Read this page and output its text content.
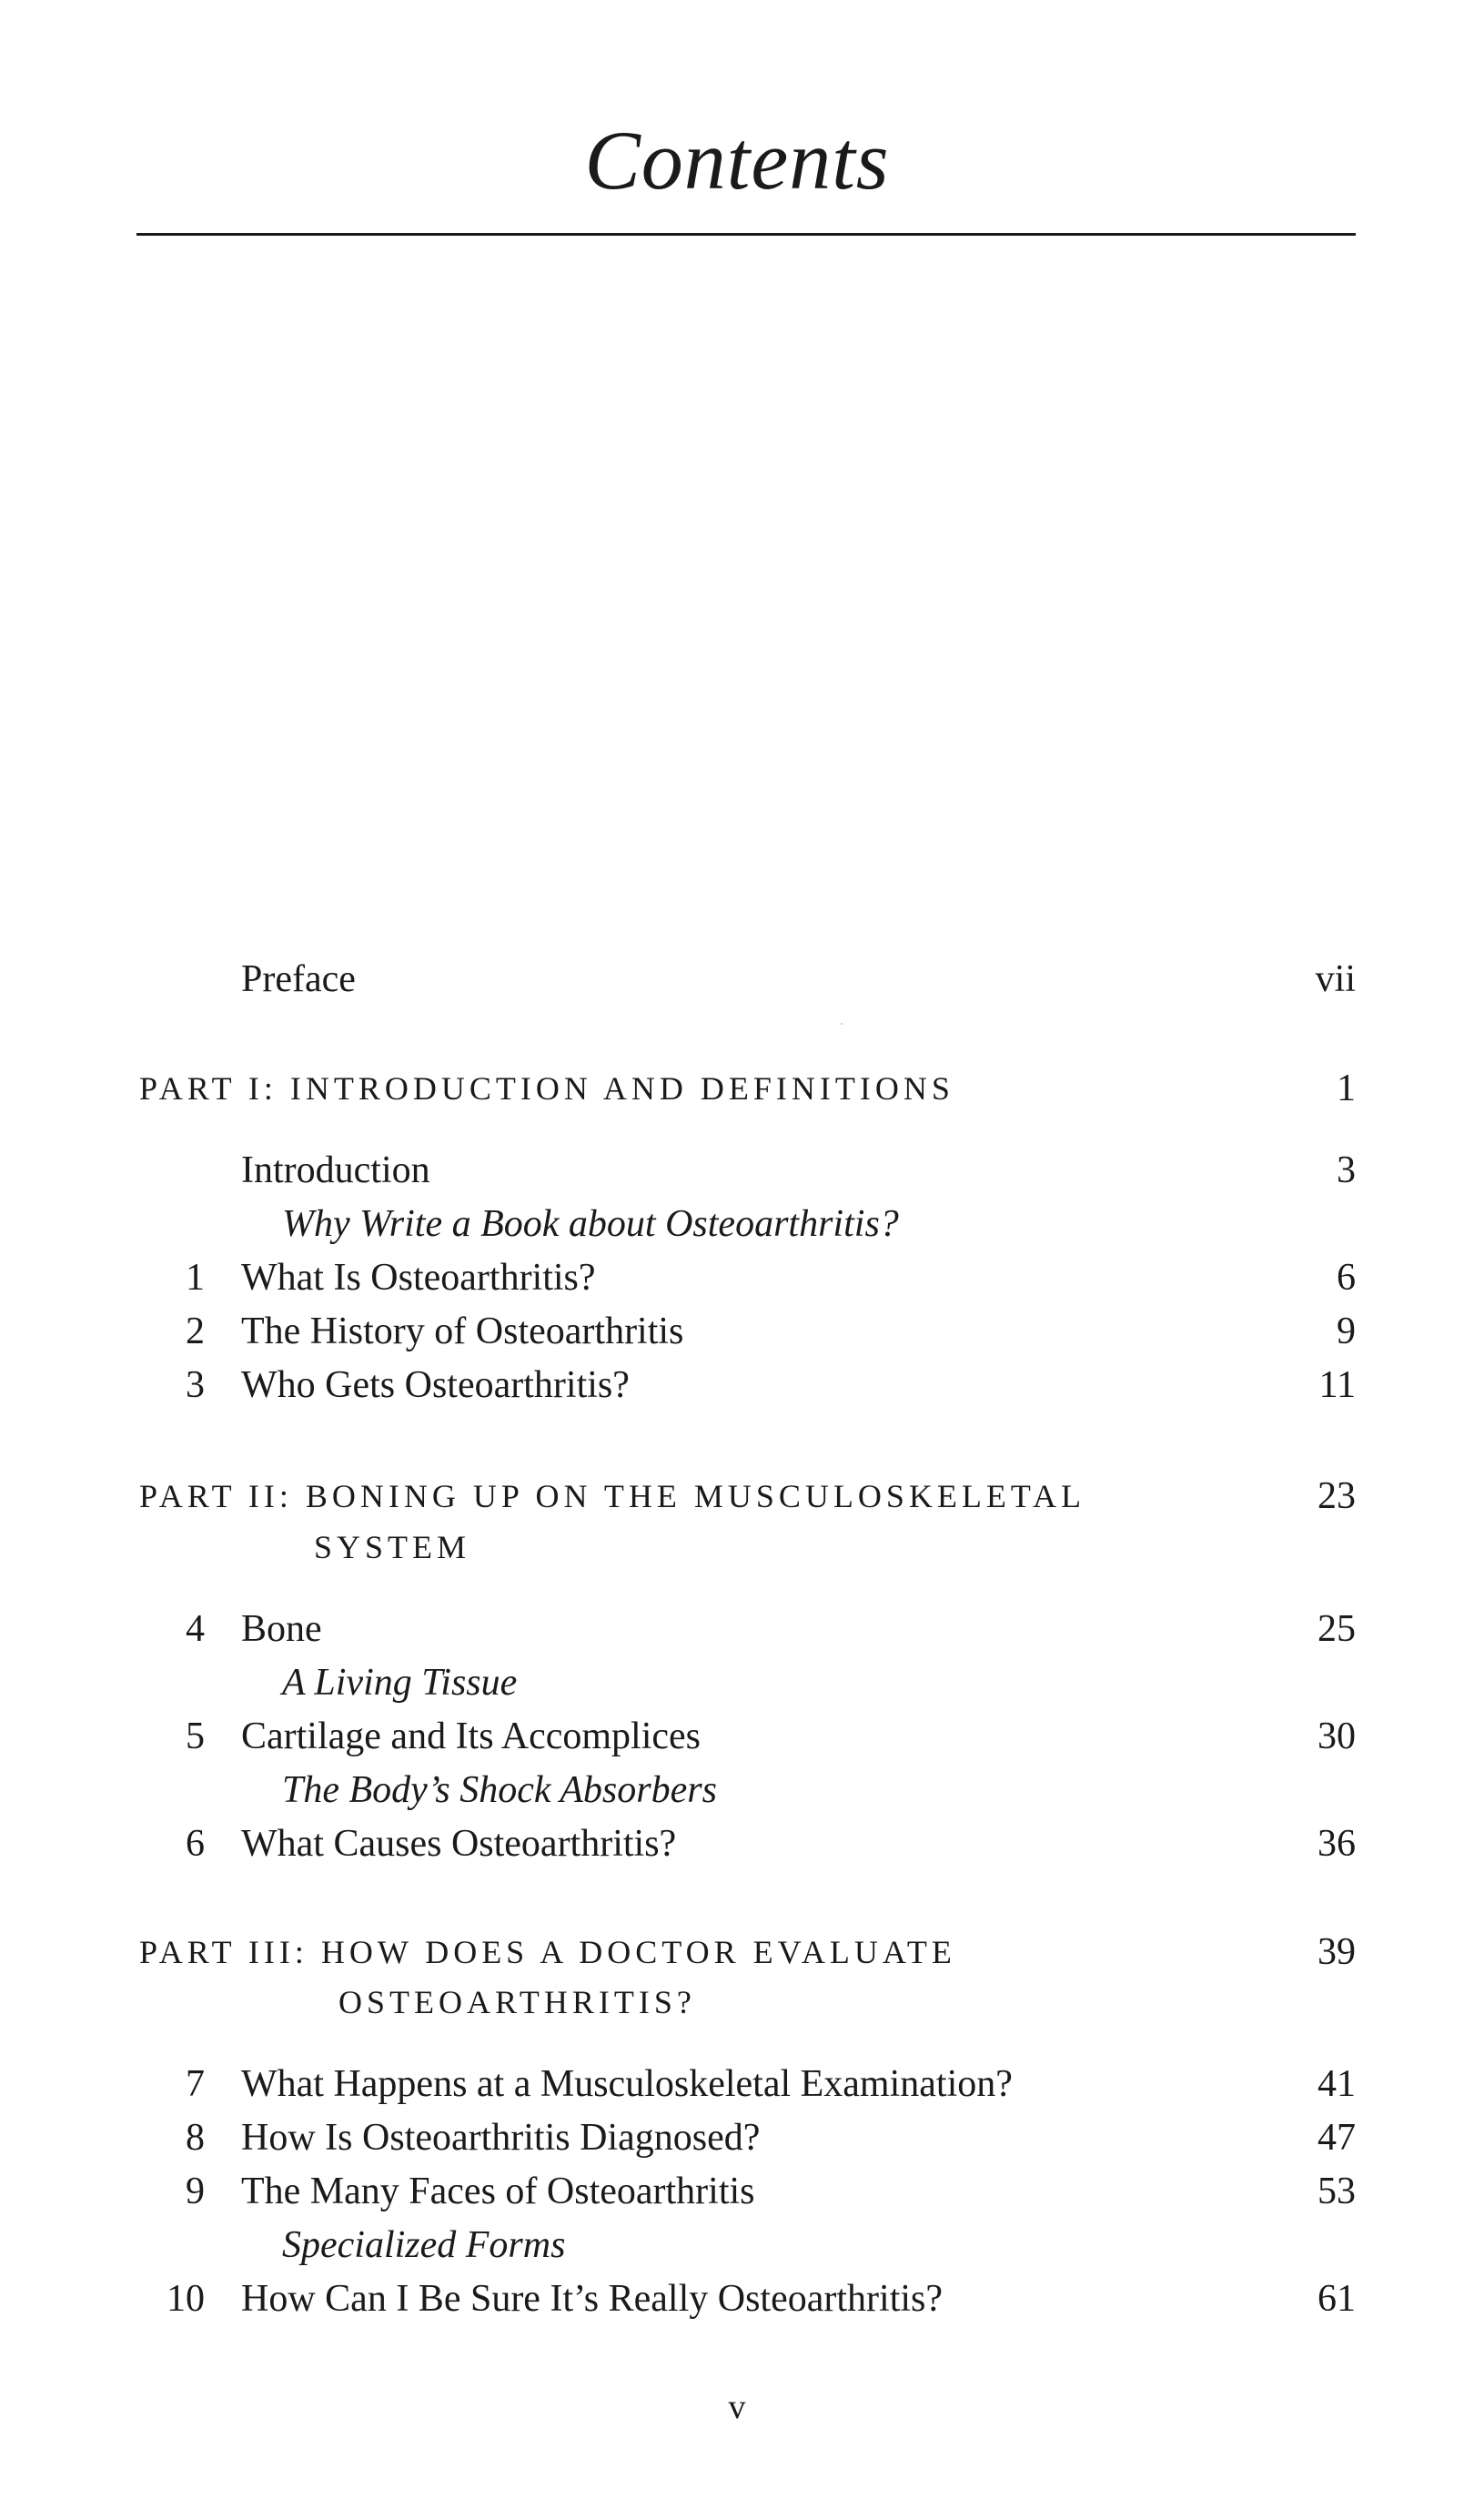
Contents
Preface	vii
PART I: INTRODUCTION AND DEFINITIONS	1
Introduction	3
Why Write a Book about Osteoarthritis?
1 What Is Osteoarthritis?	6
2 The History of Osteoarthritis	9
3 Who Gets Osteoarthritis?	11
PART II: BONING UP ON THE MUSCULOSKELETAL	23
SYSTEM
4 Bone	25
A Living Tissue
5 Cartilage and Its Accomplices	30
The Body’s Shock Absorbers
6 What Causes Osteoarthritis?	36
PART III: HOW DOES A DOCTOR EVALUATE	39
OSTEOARTHRITIS?
7 What Happens at a Musculoskeletal Examination?	41
8 How Is Osteoarthritis Diagnosed?	47
9 The Many Faces of Osteoarthritis	53
Specialized Forms
10 How Can I Be Sure It’s Really Osteoarthritis?	61
v
